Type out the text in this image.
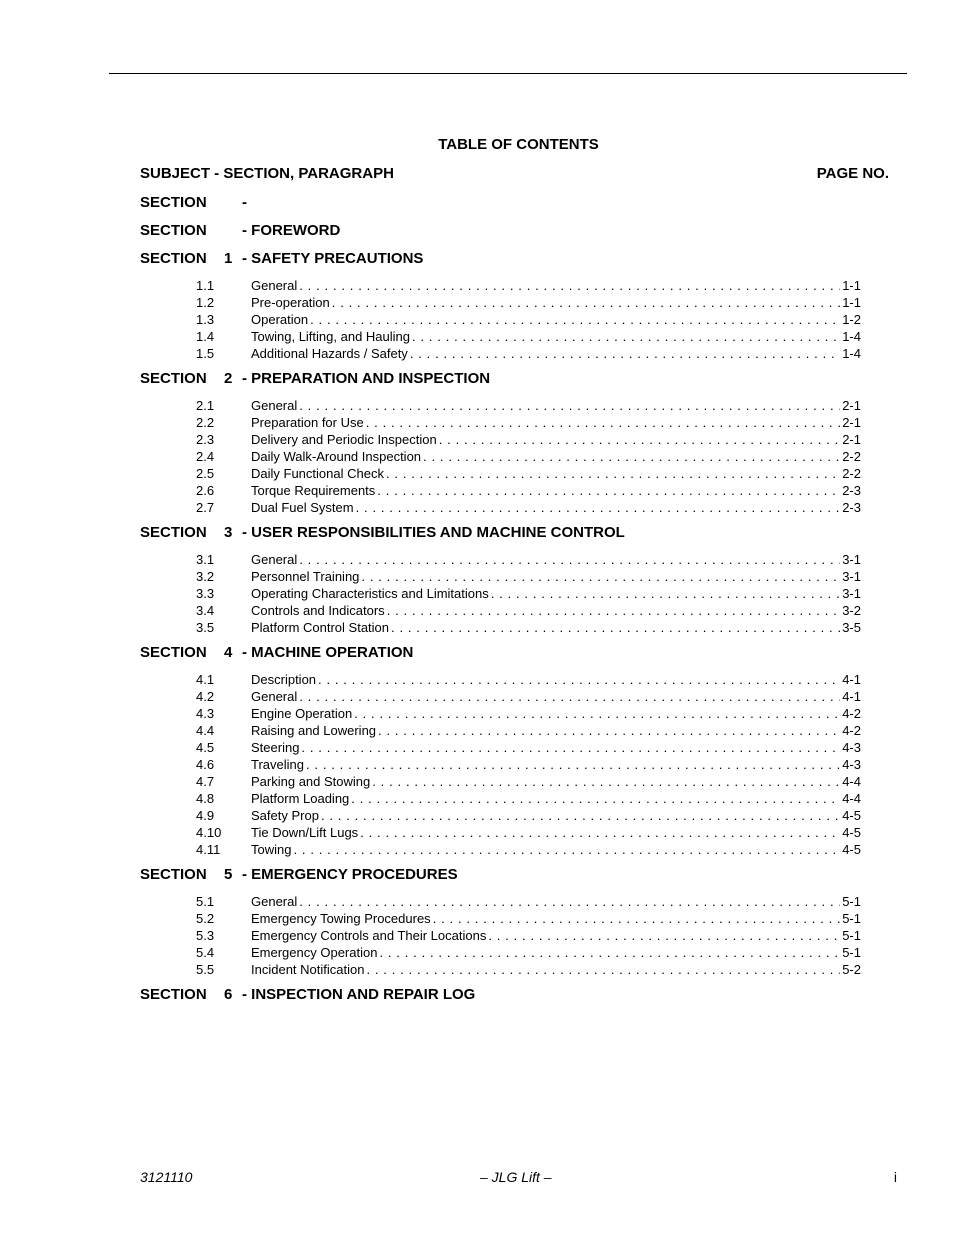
TABLE OF CONTENTS
SUBJECT - SECTION, PARAGRAPH	PAGE NO.
SECTION	-
SECTION	- FOREWORD
SECTION	1 - SAFETY PRECAUTIONS
1.1	General . . .	1-1
1.2	Pre-operation . . .	1-1
1.3	Operation . . .	1-2
1.4	Towing, Lifting, and Hauling . . .	1-4
1.5	Additional Hazards / Safety . . .	1-4
SECTION	2 - PREPARATION AND INSPECTION
2.1	General . . .	2-1
2.2	Preparation for Use . . .	2-1
2.3	Delivery and Periodic Inspection . . .	2-1
2.4	Daily Walk-Around Inspection . . .	2-2
2.5	Daily Functional Check . . .	2-2
2.6	Torque Requirements . . .	2-3
2.7	Dual Fuel System . . .	2-3
SECTION	3 - USER RESPONSIBILITIES AND MACHINE CONTROL
3.1	General . . .	3-1
3.2	Personnel Training . . .	3-1
3.3	Operating Characteristics and Limitations . . .	3-1
3.4	Controls and Indicators . . .	3-2
3.5	Platform Control Station . . .	3-5
SECTION	4 - MACHINE OPERATION
4.1	Description . . .	4-1
4.2	General . . .	4-1
4.3	Engine Operation . . .	4-2
4.4	Raising and Lowering . . .	4-2
4.5	Steering . . .	4-3
4.6	Traveling . . .	4-3
4.7	Parking and Stowing . . .	4-4
4.8	Platform Loading . . .	4-4
4.9	Safety Prop . . .	4-5
4.10	Tie Down/Lift Lugs . . .	4-5
4.11	Towing . . .	4-5
SECTION	5 - EMERGENCY PROCEDURES
5.1	General . . .	5-1
5.2	Emergency Towing Procedures . . .	5-1
5.3	Emergency Controls and Their Locations . . .	5-1
5.4	Emergency Operation . . .	5-1
5.5	Incident Notification . . .	5-2
SECTION	6 - INSPECTION AND REPAIR LOG
3121110	– JLG Lift –	i
